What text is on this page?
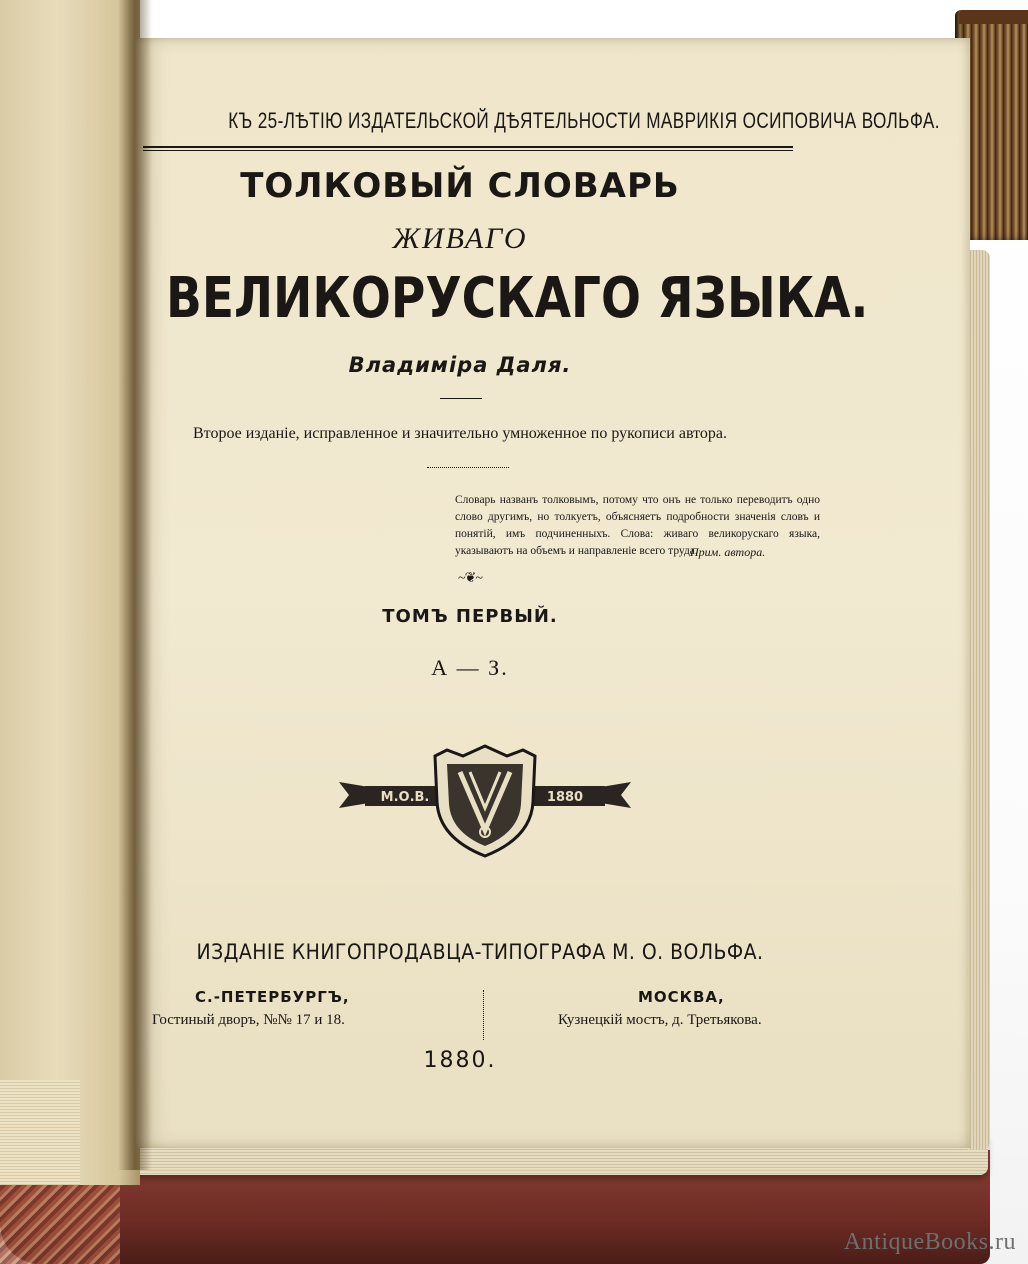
КЪ 25-ЛѢТІЮ ИЗДАТЕЛЬСКОЙ ДѢЯТЕЛЬНОСТИ МАВРИКІЯ ОСИПОВИЧА ВОЛЬФА.
ТОЛКОВЫЙ СЛОВАРЬ
ЖИВАГО
ВЕЛИКОРУСКАГО ЯЗЫКА.
Владиміра Даля.
Второе изданіе, исправленное и значительно умноженное по рукописи автора.
Словарь названъ толковымъ, потому что онъ не только переводитъ одно слово другимъ, но толкуетъ, объясняетъ подробности значенія словъ и понятій, имъ подчиненныхъ. Слова: живаго великорускаго языка, указываютъ на объемъ и направленіе всего труда.
Прим. автора.
~❦~
ТОМЪ ПЕРВЫЙ.
А — З.
М.О.В.	1880
ИЗДАНІЕ КНИГОПРОДАВЦА-ТИПОГРАФА М. О. ВОЛЬФА.
С.-ПЕТЕРБУРГЪ,
Гостиный дворъ, №№ 17 и 18.
МОСКВА,
Кузнецкій мостъ, д. Третьякова.
1880.
AntiqueBooks.ru
